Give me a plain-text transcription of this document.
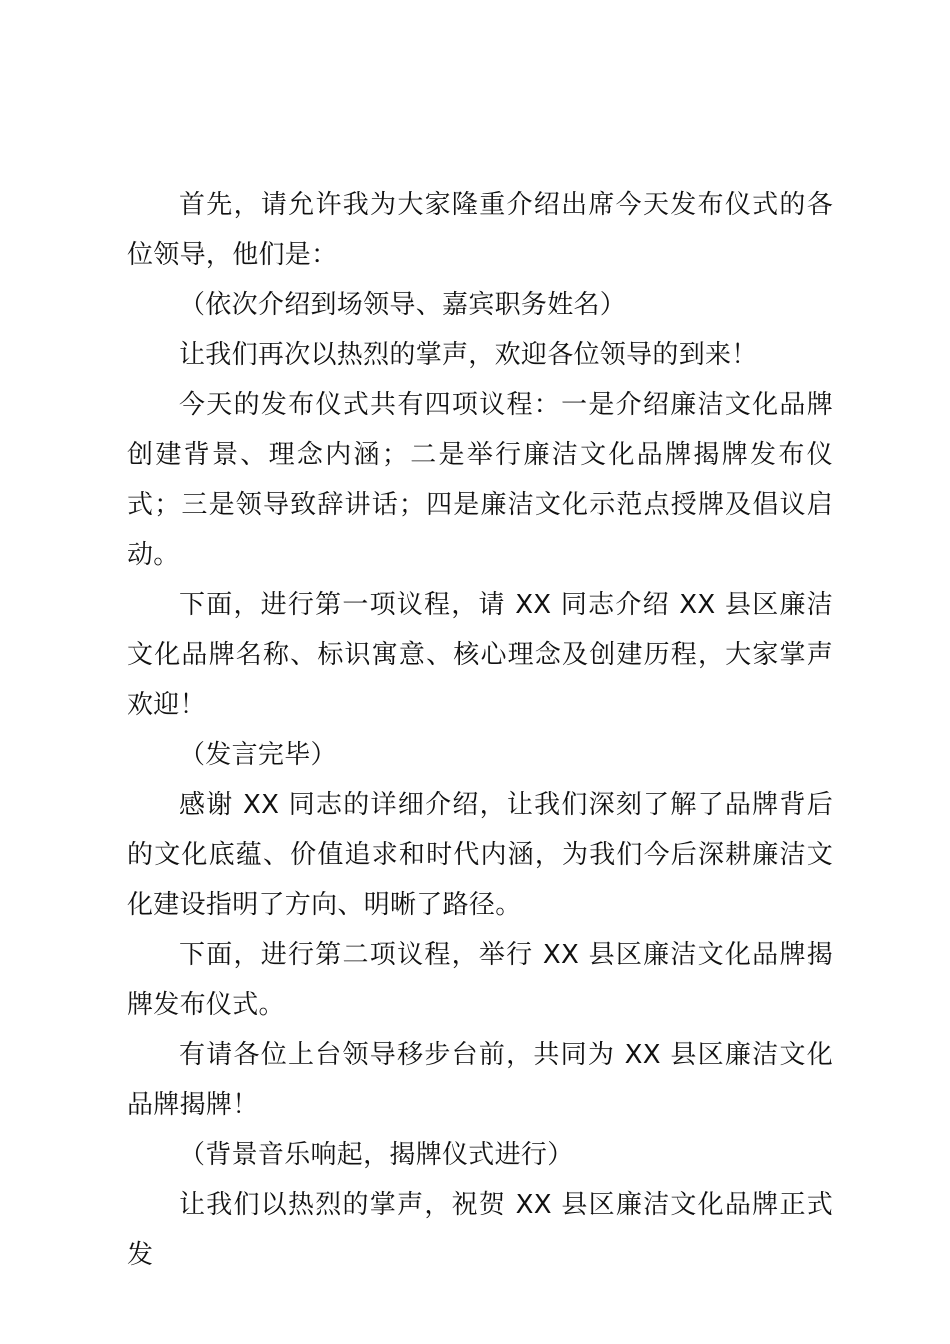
首先，请允许我为大家隆重介绍出席今天发布仪式的各位领导，他们是：

（依次介绍到场领导、嘉宾职务姓名）

让我们再次以热烈的掌声，欢迎各位领导的到来！

今天的发布仪式共有四项议程：一是介绍廉洁文化品牌创建背景、理念内涵；二是举行廉洁文化品牌揭牌发布仪式；三是领导致辞讲话；四是廉洁文化示范点授牌及倡议启动。

下面，进行第一项议程，请 XX 同志介绍 XX 县区廉洁文化品牌名称、标识寓意、核心理念及创建历程，大家掌声欢迎！

（发言完毕）

感谢 XX 同志的详细介绍，让我们深刻了解了品牌背后的文化底蕴、价值追求和时代内涵，为我们今后深耕廉洁文化建设指明了方向、明晰了路径。

下面，进行第二项议程，举行 XX 县区廉洁文化品牌揭牌发布仪式。

有请各位上台领导移步台前，共同为 XX 县区廉洁文化品牌揭牌！

（背景音乐响起，揭牌仪式进行）

让我们以热烈的掌声，祝贺 XX 县区廉洁文化品牌正式发
